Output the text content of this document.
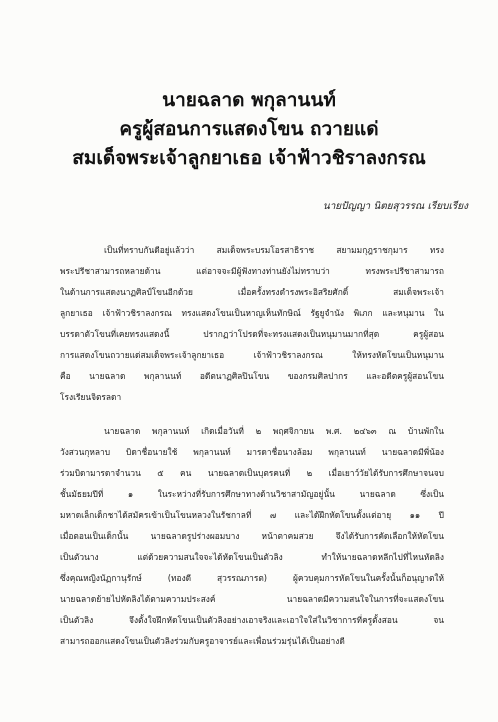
นายฉลาด พกุลานนท์
ครูผู้สอนการแสดงโขน ถวายแด่
สมเด็จพระเจ้าลูกยาเธอ เจ้าฟ้าวชิราลงกรณ
นายปัญญา นิตยสุวรรณ เรียบเรียง
เป็นที่ทราบกันดีอยู่แล้วว่า สมเด็จพระบรมโอรสาธิราช สยามมกุฎราชกุมาร ทรง
พระปรีชาสามารถหลายด้าน แต่อาจจะมีผู้ฟังทางท่านยังไม่ทราบว่า ทรงพระปรีชาสามารถ
ในด้านการแสดงนาฏศิลป์โขนอีกด้วย เมื่อครั้งทรงดำรงพระอิสริยศักดิ์ สมเด็จพระเจ้า
ลูกยาเธอ เจ้าฟ้าวชิราลงกรณ ทรงแสดงโขนเป็นหาญเห็นทักษิณ์ รัฐยูจำนัง พิเภก และหนุมาน ใน
บรรดาตัวโขนที่เคยทรงแสดงนี้ ปรากฏว่าโปรดที่จะทรงแสดงเป็นหนุมานมากที่สุด ครูผู้สอน
การแสดงโขนถวายแด่สมเด็จพระเจ้าลูกยาเธอ เจ้าฟ้าวชิราลงกรณ ให้ทรงหัดโขนเป็นหนุมาน
คือ นายฉลาด พกุลานนท์ อดีตนาฏศิลปินโขน ของกรมศิลปากร และอดีตครูผู้สอนโขน
โรงเรียนจิตรลดา
นายฉลาด พกุลานนท์ เกิดเมื่อวันที่ ๒ พฤศจิกายน พ.ศ. ๒๔๖๓ ณ บ้านพักใน
วังสวนกุหลาบ บิดาชื่อนายใช้ พกุลานนท์ มารดาชื่อนางล้อม พกุลานนท์ นายฉลาดมีพี่น้อง
ร่วมบิดามารดาจำนวน ๕ คน นายฉลาดเป็นบุตรคนที่ ๒ เมื่อเยาว์วัยได้รับการศึกษาจนจบ
ชั้นมัธยมปีที่ ๑ ในระหว่างที่รับการศึกษาทางด้านวิชาสามัญอยู่นั้น นายฉลาด ซึ่งเป็น
มหาดเล็กเด็กชาได้สมัครเข้าเป็นโขนหลวงในรัชกาลที่ ๗ และได้ฝึกหัดโขนตั้งแต่อายุ ๑๑ ปี
เมื่อตอนเป็นเด็กนั้น นายฉลาดรูปร่างผอมบาง หน้าตาคมสวย จึงได้รับการคัดเลือกให้หัดโขน
เป็นตัวนาง แต่ด้วยความสนใจจะได้หัดโขนเป็นตัวลิง ทำให้นายฉลาดหลีกไปที่ไหนหัดลิง
ซึ่งคุณหญิงนัฏกานุรักษ์ (ทองดี สุวรรณภารต) ผู้ควบคุมการหัดโขนในครั้งนั้นก็อนุญาตให้
นายฉลาดย้ายไปหัดลิงได้ตามความประสงค์ นายฉลาดมีความสนใจในการที่จะแสดงโขน
เป็นตัวลิง จึงตั้งใจฝึกหัดโขนเป็นตัวลิงอย่างเอาจริงและเอาใจใส่ในวิชาการที่ครูตั้งสอน จน
สามารถออกแสดงโขนเป็นตัวลิงร่วมกับครูอาจารย์และเพื่อนร่วมรุ่นได้เป็นอย่างดี
